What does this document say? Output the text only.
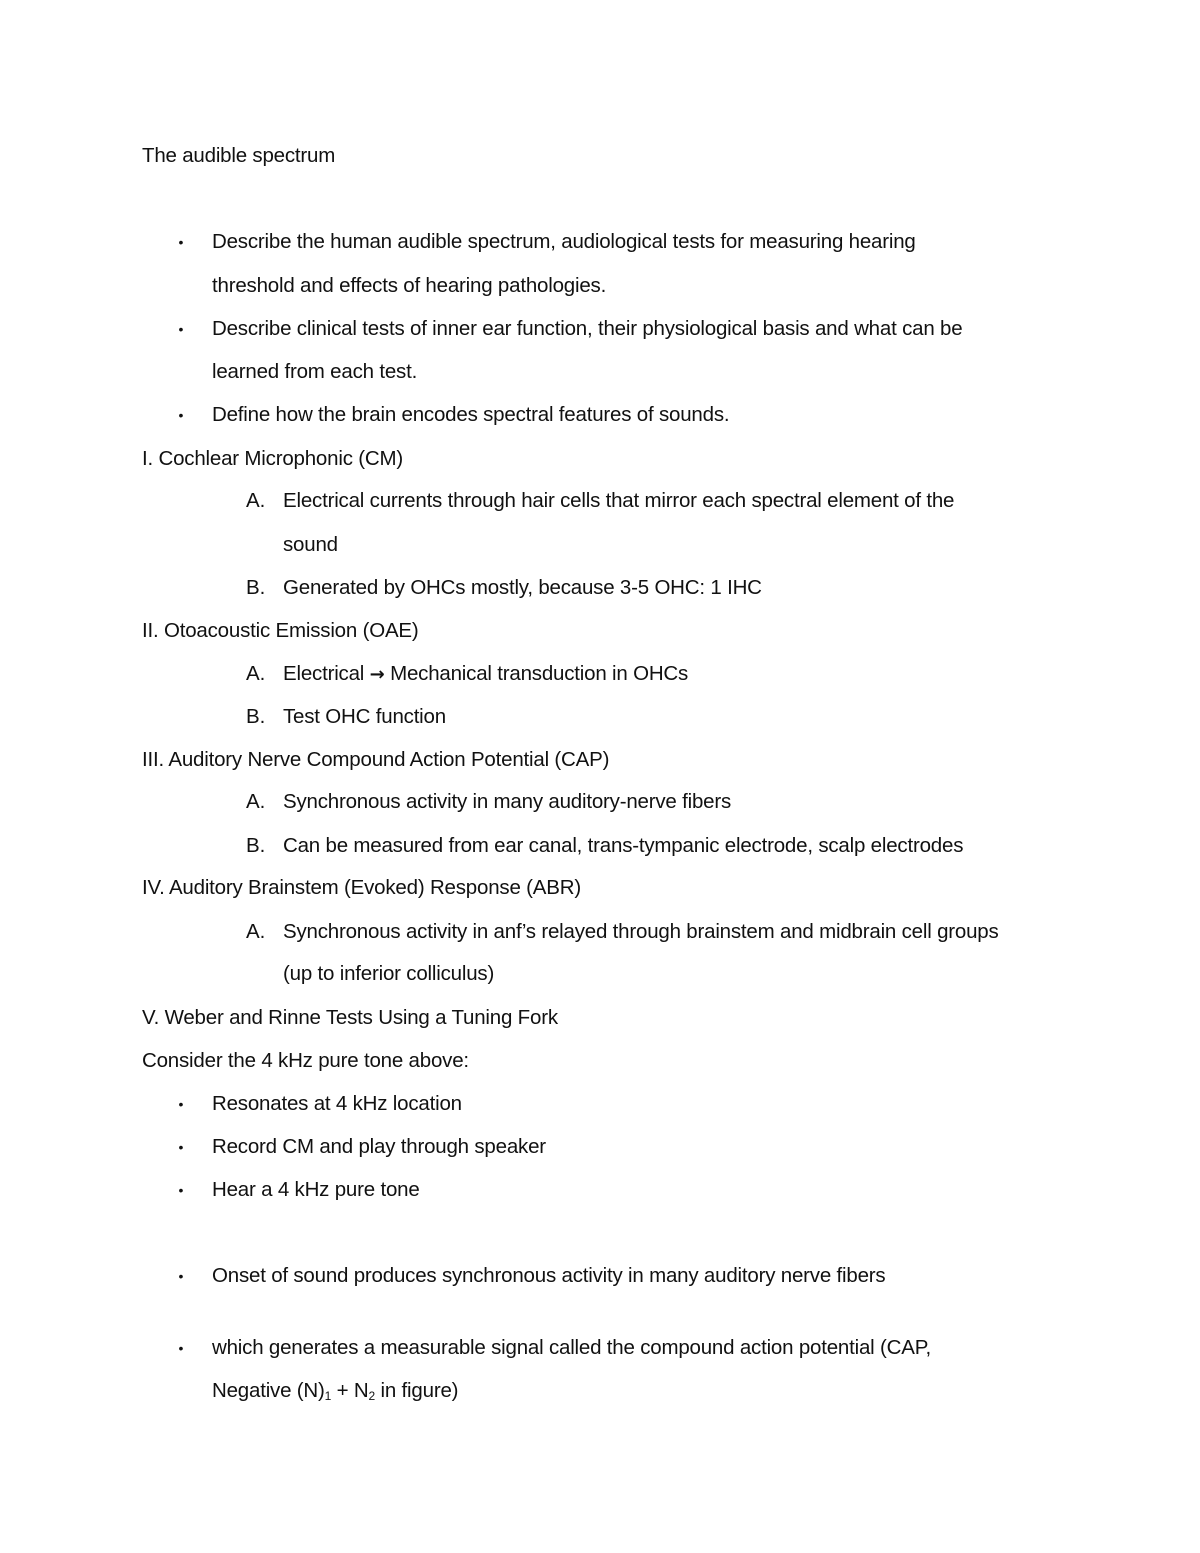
The audible spectrum
• Describe the human audible spectrum, audiological tests for measuring hearing
threshold and effects of hearing pathologies.
• Describe clinical tests of inner ear function, their physiological basis and what can be
learned from each test.
• Define how the brain encodes spectral features of sounds.
I. Cochlear Microphonic (CM)
A. Electrical currents through hair cells that mirror each spectral element of the
sound
B. Generated by OHCs mostly, because 3-5 OHC: 1 IHC
II. Otoacoustic Emission (OAE)
A. Electrical → Mechanical transduction in OHCs
B. Test OHC function
III. Auditory Nerve Compound Action Potential (CAP)
A. Synchronous activity in many auditory-nerve fibers
B. Can be measured from ear canal, trans-tympanic electrode, scalp electrodes
IV. Auditory Brainstem (Evoked) Response (ABR)
A. Synchronous activity in anf’s relayed through brainstem and midbrain cell groups
(up to inferior colliculus)
V. Weber and Rinne Tests Using a Tuning Fork
Consider the 4 kHz pure tone above:
• Resonates at 4 kHz location
• Record CM and play through speaker
• Hear a 4 kHz pure tone
• Onset of sound produces synchronous activity in many auditory nerve fibers
• which generates a measurable signal called the compound action potential (CAP,
Negative $(N)_1 + N_2$ in figure)
